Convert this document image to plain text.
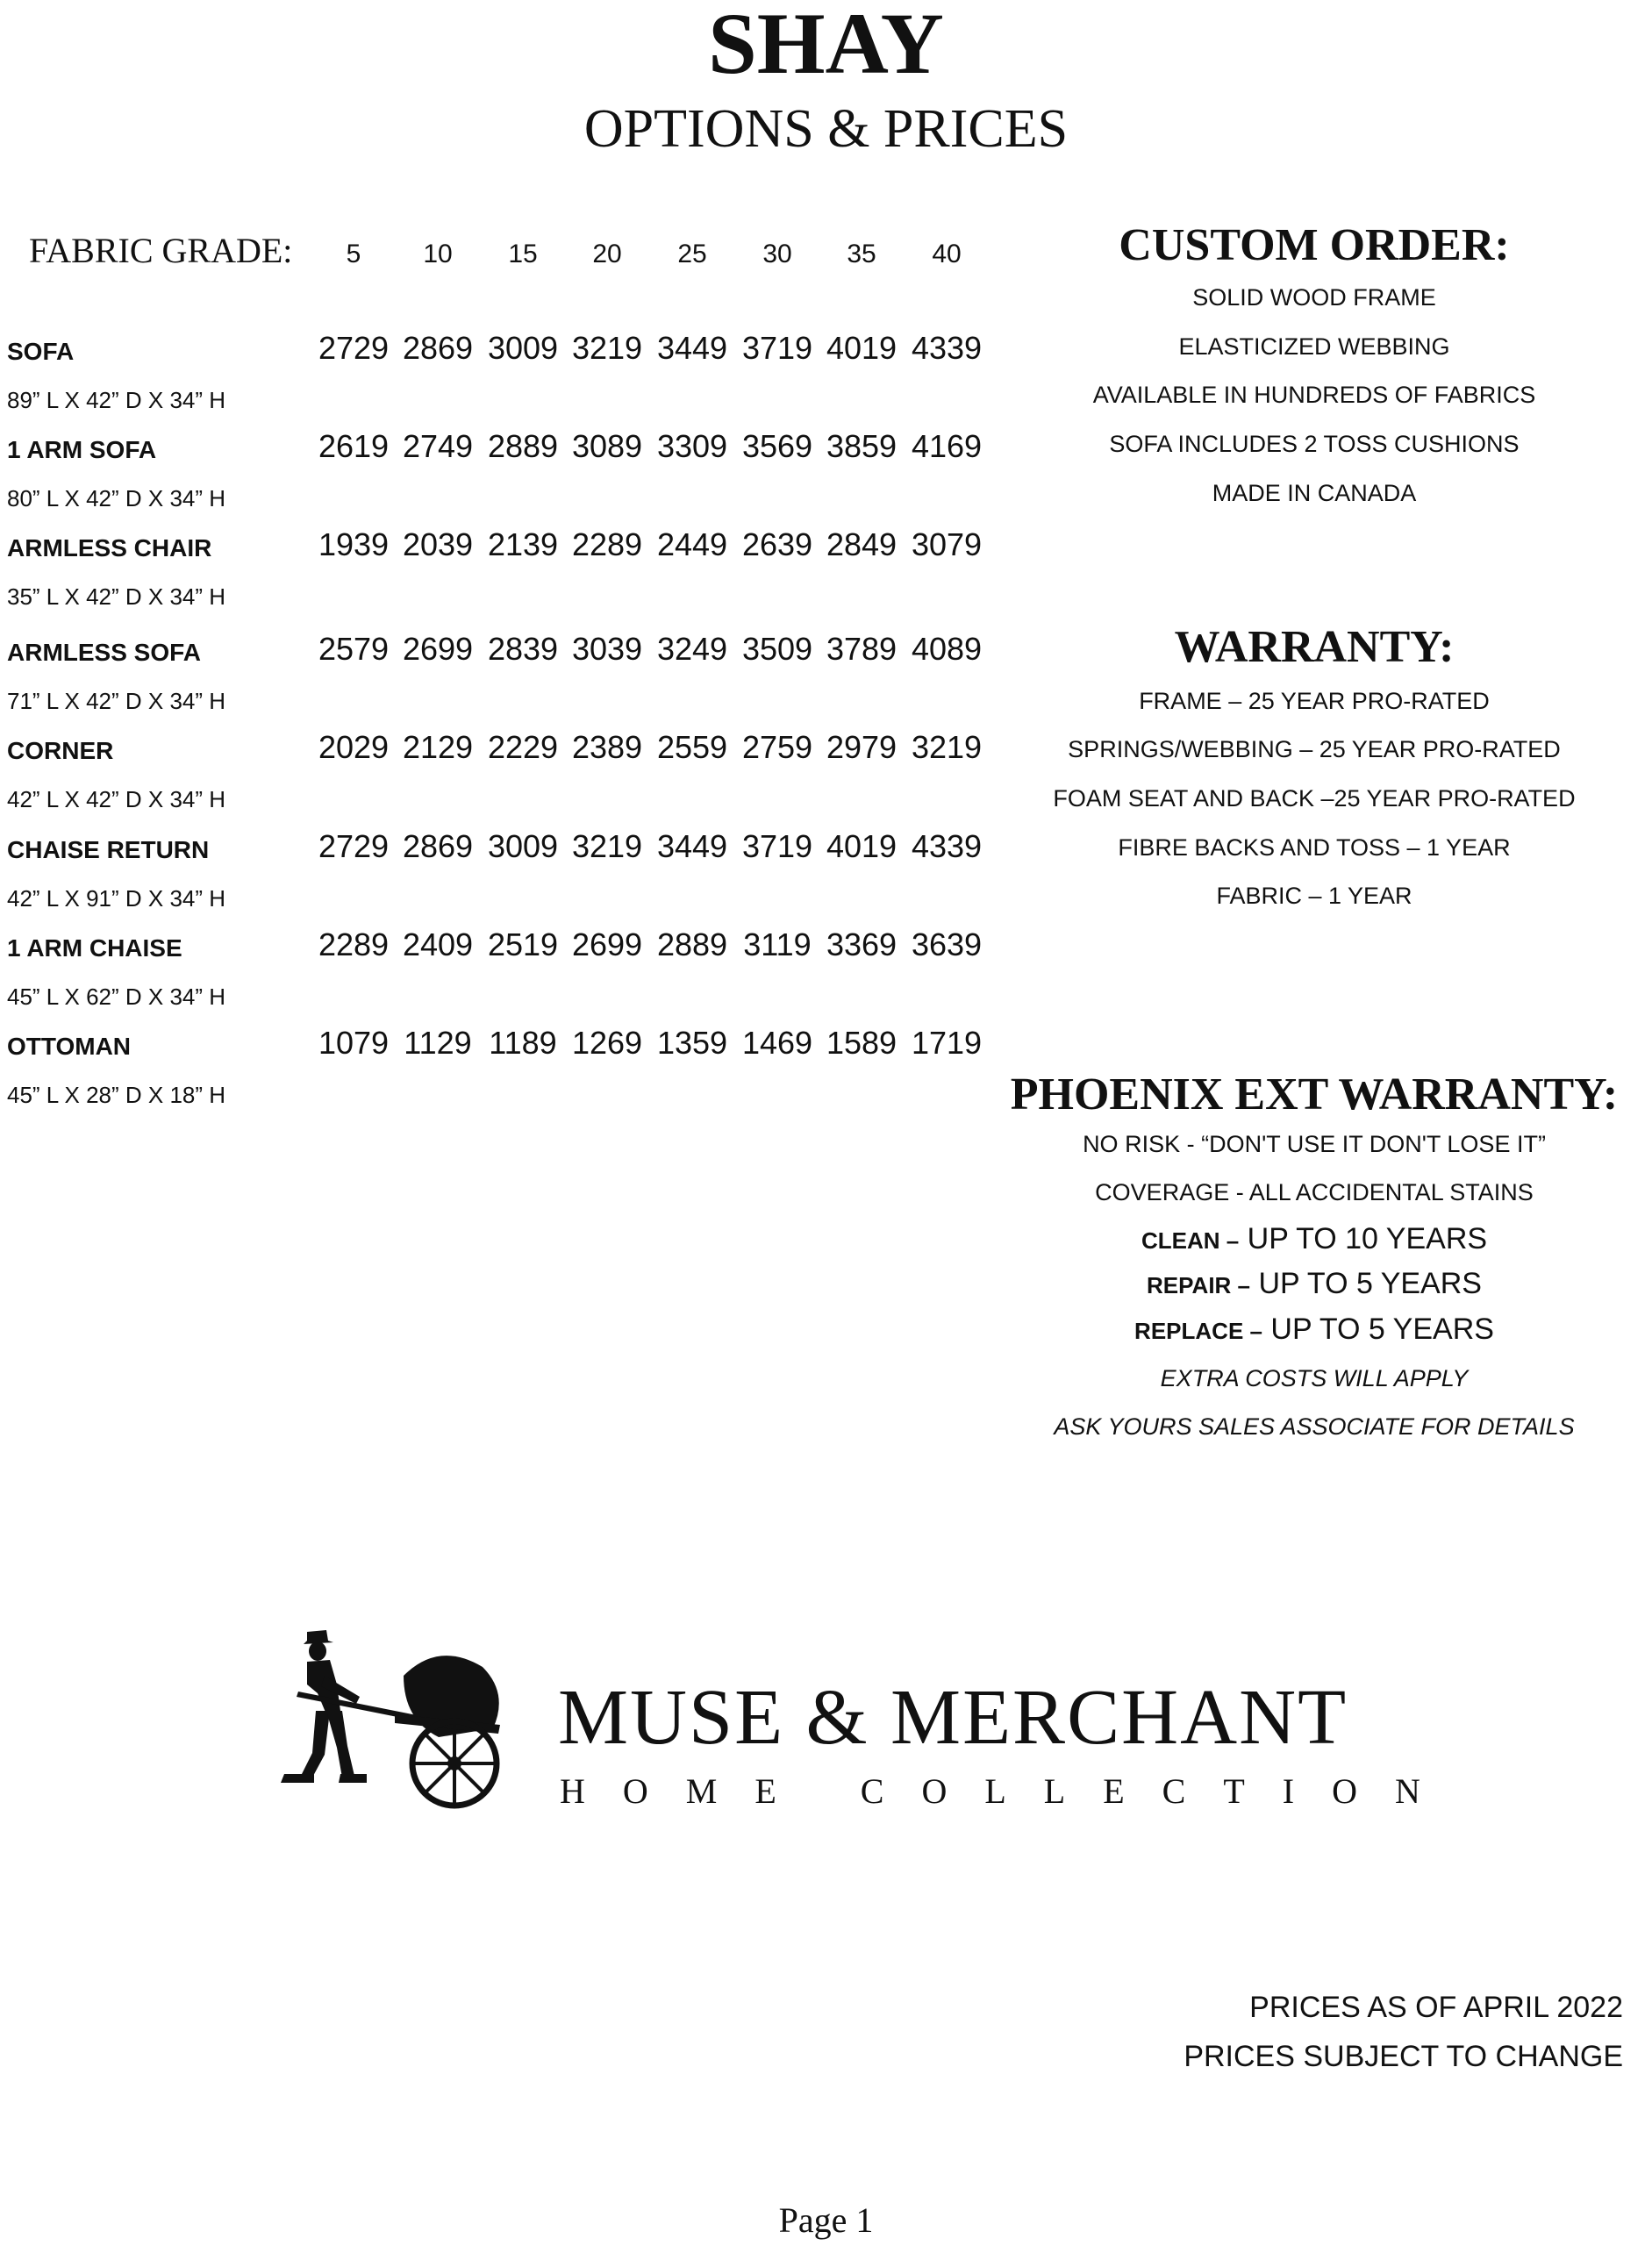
SHAY
OPTIONS & PRICES
FABRIC GRADE:	5	10	15	20	25	30	35	40
SOFA
89” L X 42” D X 34” H
2729 2869 3009 3219 3449 3719 4019 4339
1 ARM SOFA
80” L X 42” D X 34” H
2619 2749 2889 3089 3309 3569 3859 4169
ARMLESS CHAIR
35” L X 42” D X 34” H
1939 2039 2139 2289 2449 2639 2849 3079
ARMLESS SOFA
71” L X 42” D X 34” H
2579 2699 2839 3039 3249 3509 3789 4089
CORNER
42” L X 42” D X 34” H
2029 2129 2229 2389 2559 2759 2979 3219
CHAISE RETURN
42” L X 91” D X 34” H
2729 2869 3009 3219 3449 3719 4019 4339
1 ARM CHAISE
45” L X 62” D X 34” H
2289 2409 2519 2699 2889 3119 3369 3639
OTTOMAN
45” L X 28” D X 18” H
1079 1129 1189 1269 1359 1469 1589 1719
CUSTOM ORDER:
SOLID WOOD FRAME
ELASTICIZED WEBBING
AVAILABLE IN HUNDREDS OF FABRICS
SOFA INCLUDES 2 TOSS CUSHIONS
MADE IN CANADA
WARRANTY:
FRAME – 25 YEAR PRO-RATED
SPRINGS/WEBBING – 25 YEAR PRO-RATED
FOAM SEAT AND BACK –25 YEAR PRO-RATED
FIBRE BACKS AND TOSS – 1 YEAR
FABRIC – 1 YEAR
PHOENIX EXT WARRANTY:
NO RISK - “DON'T USE IT DON'T LOSE IT”
COVERAGE - ALL ACCIDENTAL STAINS
CLEAN – UP TO 10 YEARS
REPAIR – UP TO 5 YEARS
REPLACE – UP TO 5 YEARS
EXTRA COSTS WILL APPLY
ASK YOURS SALES ASSOCIATE FOR DETAILS
MUSE & MERCHANT
HOME COLLECTION
PRICES AS OF APRIL 2022
PRICES SUBJECT TO CHANGE
Page 1
